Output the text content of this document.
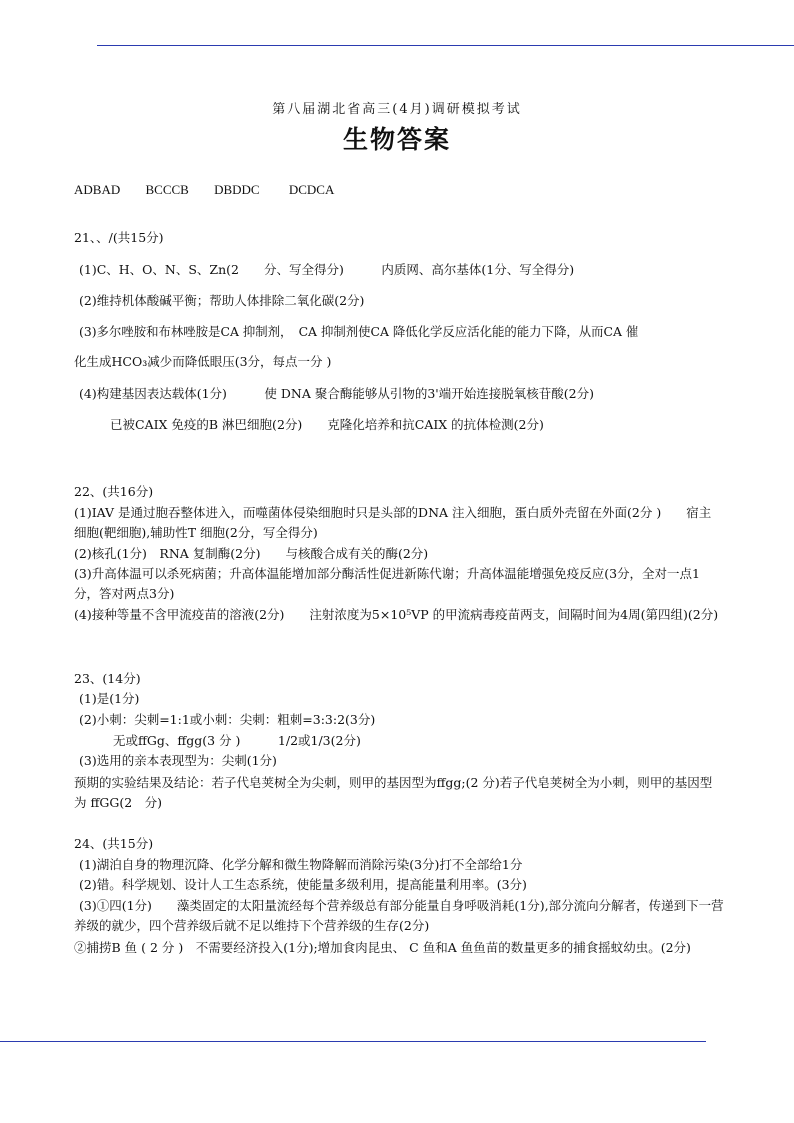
第八届湖北省高三(4月)调研模拟考试
生物答案
ADBAD BCCCB DBDDC DCDCA
21、、/(共15分)
(1)C、H、O、N、S、Zn(2　　分、写全得分)　　　内质网、高尔基体(1分、写全得分)
(2)维持机体酸碱平衡；帮助人体排除二氧化碳(2分)
(3)多尔唑胺和布林唑胺是CA 抑制剂，　CA 抑制剂使CA 降低化学反应活化能的能力下降，从而CA 催
化生成HCO₃减少而降低眼压(3分，每点一分 )
(4)构建基因表达载体(1分)　　　使 DNA 聚合酶能够从引物的3'端开始连接脱氧核苷酸(2分)
已被CAIX 免疫的B 淋巴细胞(2分)　　克隆化培养和抗CAIX 的抗体检测(2分)
22、(共16分)
(1)IAV 是通过胞吞整体进入，而噬菌体侵染细胞时只是头部的DNA 注入细胞，蛋白质外壳留在外面(2分 )　　宿主细胞(靶细胞),辅助性T 细胞(2分，写全得分)
(2)核孔(1分)　RNA 复制酶(2分)　　与核酸合成有关的酶(2分)
(3)升高体温可以杀死病菌；升高体温能增加部分酶活性促进新陈代谢；升高体温能增强免疫反应(3分，全对一点1分，答对两点3分)
(4)接种等量不含甲流疫苗的溶液(2分)　　注射浓度为5×10⁵VP 的甲流病毒疫苗两支，间隔时间为4周(第四组)(2分)
23、(14分)
(1)是(1分)
(2)小刺：尖刺=1:1或小刺：尖刺：粗刺=3:3:2(3分)
无或ffGg、ffgg(3 分 )　　　1/2或1/3(2分)
(3)选用的亲本表现型为：尖刺(1分)
预期的实验结果及结论：若子代皂荚树全为尖刺，则甲的基因型为ffgg;(2 分)若子代皂荚树全为小刺，则甲的基因型为 ffGG(2　分)
24、(共15分)
(1)湖泊自身的物理沉降、化学分解和微生物降解而消除污染(3分)打不全部给1分
(2)错。科学规划、设计人工生态系统，使能量多级利用，提高能量利用率。(3分)
(3)①四(1分)　　藻类固定的太阳量流经每个营养级总有部分能量自身呼吸消耗(1分),部分流向分解者，传递到下一营养级的就少，四个营养级后就不足以维持下个营养级的生存(2分)
②捕捞B 鱼 ( 2 分 )　不需要经济投入(1分);增加食肉昆虫、 C 鱼和A 鱼鱼苗的数量更多的捕食摇蚊幼虫。(2分)
